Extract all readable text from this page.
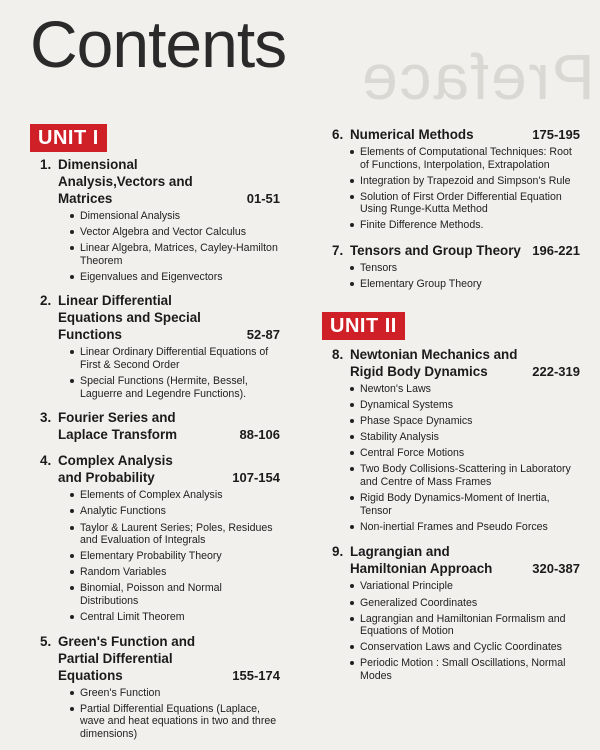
Preface
Contents
UNIT I
UNIT II
1. Dimensional Analysis,Vectors and Matrices	01-51
Dimensional Analysis
Vector Algebra and Vector Calculus
Linear Algebra, Matrices, Cayley-Hamilton Theorem
Eigenvalues and Eigenvectors
2. Linear Differential Equations and Special Functions	52-87
Linear Ordinary Differential Equations of First & Second Order
Special Functions (Hermite, Bessel, Laguerre and Legendre Functions).
3. Fourier Series and Laplace Transform	88-106
4. Complex Analysis and Probability	107-154
Elements of Complex Analysis
Analytic Functions
Taylor & Laurent Series; Poles, Residues and Evaluation of Integrals
Elementary Probability Theory
Random Variables
Binomial, Poisson and Normal Distributions
Central Limit Theorem
5. Green's Function and Partial Differential Equations	155-174
Green's Function
Partial Differential Equations (Laplace, wave and heat equations in two and three dimensions)
6. Numerical Methods	175-195
Elements of Computational Techniques: Root of Functions, Interpolation, Extrapolation
Integration by Trapezoid and Simpson's Rule
Solution of First Order Differential Equation Using Runge-Kutta Method
Finite Difference Methods.
7. Tensors and Group Theory 196-221
Tensors
Elementary Group Theory
8. Newtonian Mechanics and Rigid Body Dynamics	222-319
Newton's Laws
Dynamical Systems
Phase Space Dynamics
Stability Analysis
Central Force Motions
Two Body Collisions-Scattering in Laboratory and Centre of Mass Frames
Rigid Body Dynamics-Moment of Inertia, Tensor
Non-inertial Frames and Pseudo Forces
9. Lagrangian and Hamiltonian Approach	320-387
Variational Principle
Generalized Coordinates
Lagrangian and Hamiltonian Formalism and Equations of Motion
Conservation Laws and Cyclic Coordinates
Periodic Motion : Small Oscillations, Normal Modes
